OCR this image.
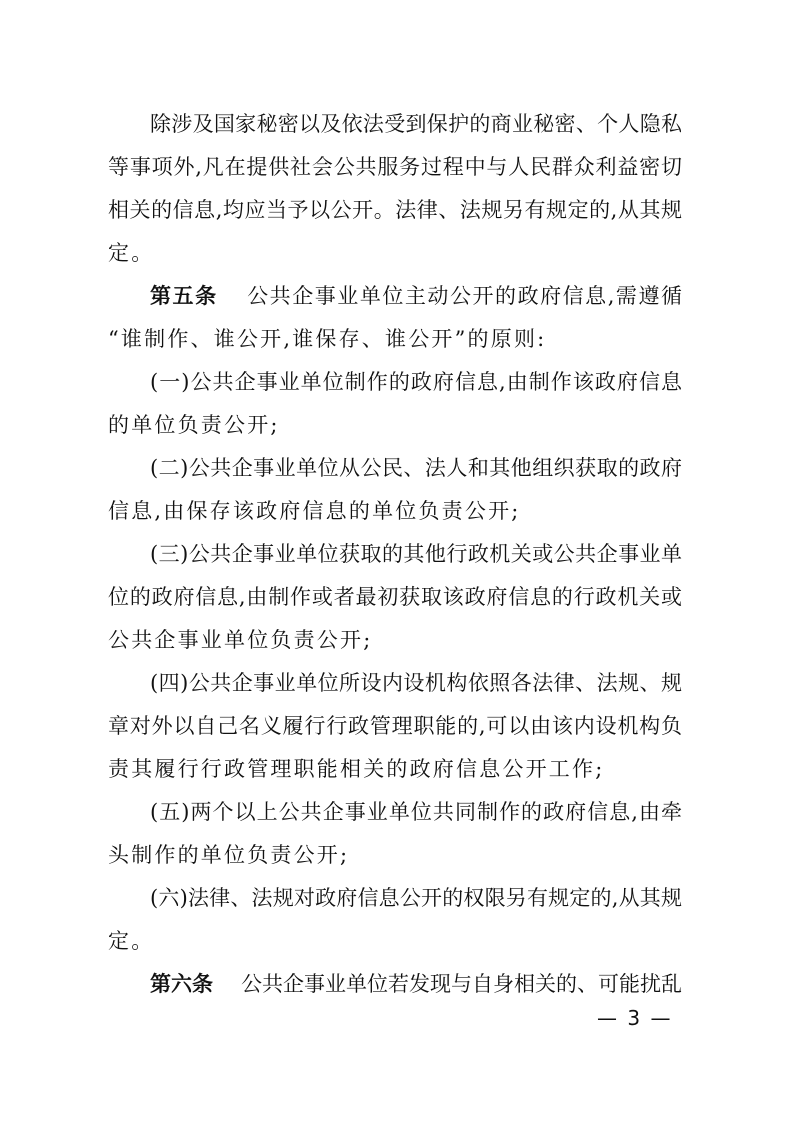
除涉及国家秘密以及依法受到保护的商业秘密、个人隐私
等事项外,凡在提供社会公共服务过程中与人民群众利益密切
相关的信息,均应当予以公开。法律、法规另有规定的,从其规
定。
第五条 公共企事业单位主动公开的政府信息,需遵循
“谁制作、谁公开,谁保存、谁公开”的原则:
(一)公共企事业单位制作的政府信息,由制作该政府信息
的单位负责公开;
(二)公共企事业单位从公民、法人和其他组织获取的政府
信息,由保存该政府信息的单位负责公开;
(三)公共企事业单位获取的其他行政机关或公共企事业单
位的政府信息,由制作或者最初获取该政府信息的行政机关或
公共企事业单位负责公开;
(四)公共企事业单位所设内设机构依照各法律、法规、规
章对外以自己名义履行行政管理职能的,可以由该内设机构负
责其履行行政管理职能相关的政府信息公开工作;
(五)两个以上公共企事业单位共同制作的政府信息,由牵
头制作的单位负责公开;
(六)法律、法规对政府信息公开的权限另有规定的,从其规
定。
第六条 公共企事业单位若发现与自身相关的、可能扰乱
— 3 —
